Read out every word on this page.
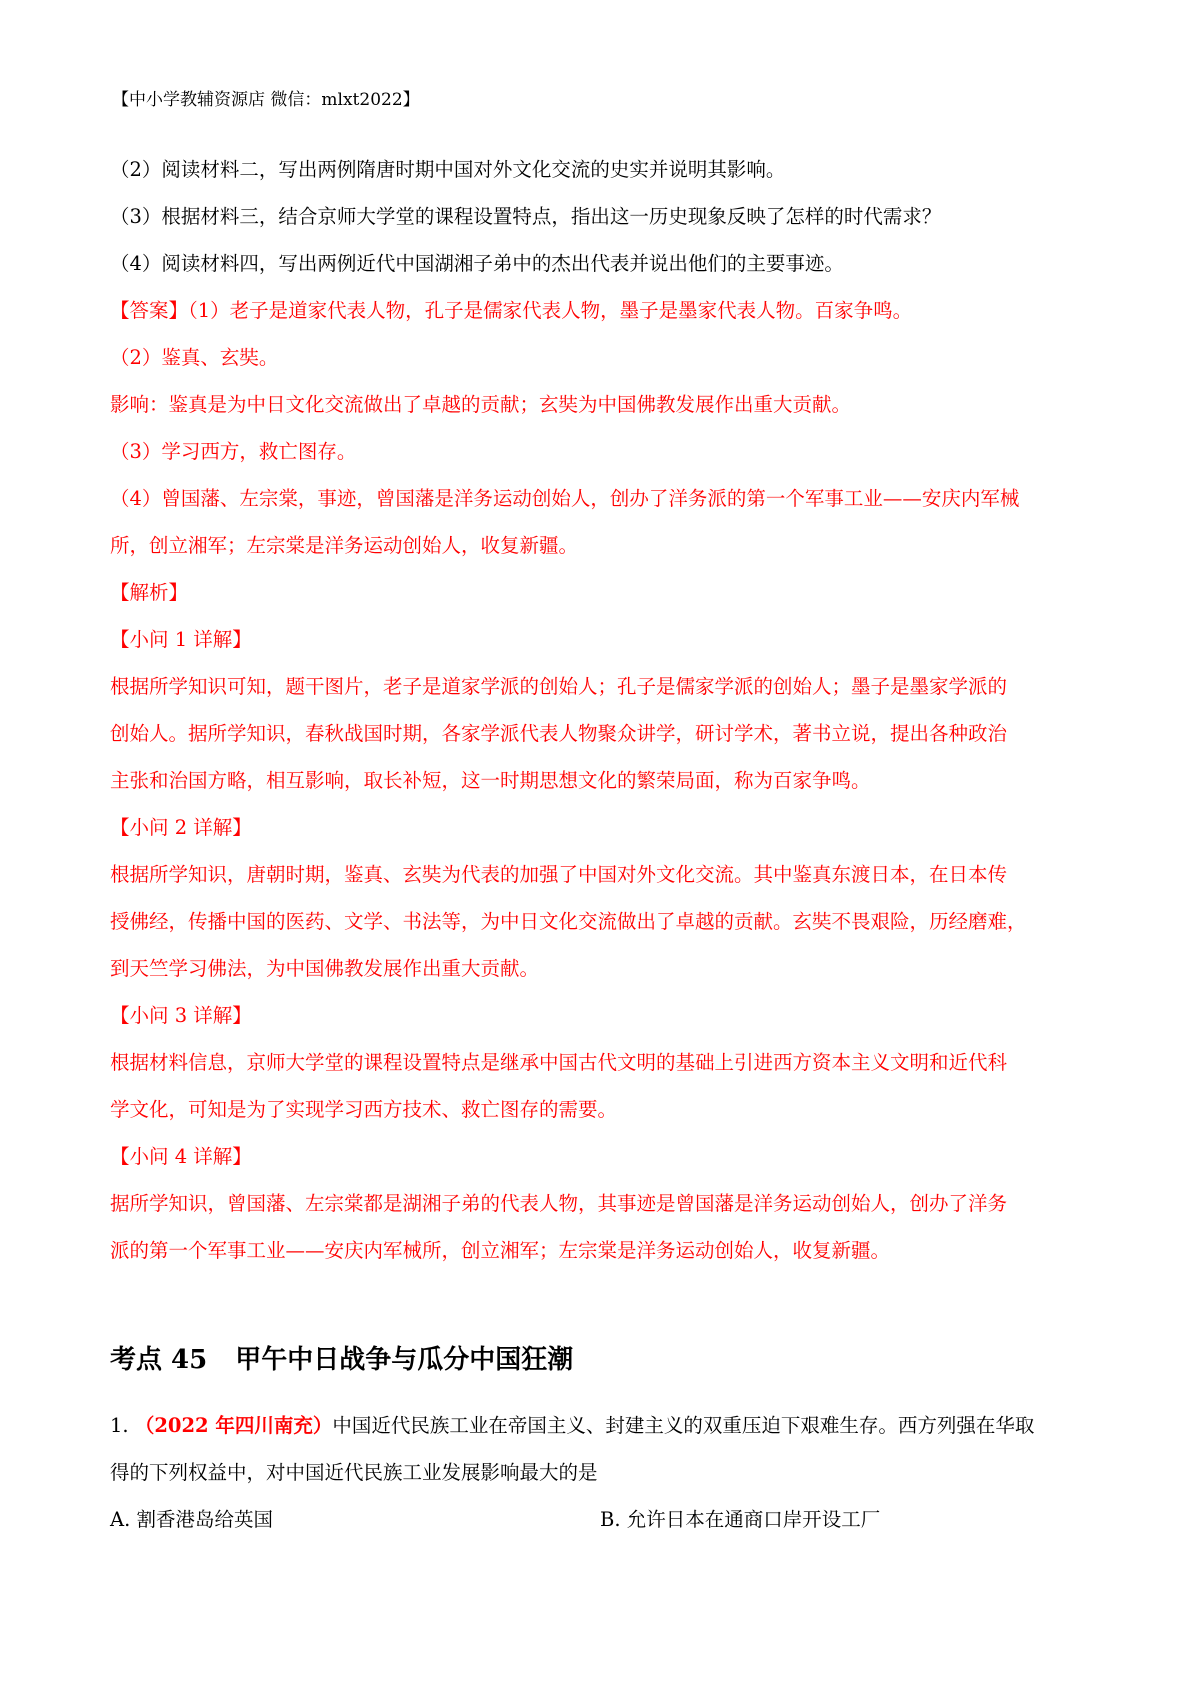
【中小学教辅资源店 微信：mlxt2022】
（2）阅读材料二，写出两例隋唐时期中国对外文化交流的史实并说明其影响。
（3）根据材料三，结合京师大学堂的课程设置特点，指出这一历史现象反映了怎样的时代需求？
（4）阅读材料四，写出两例近代中国湖湘子弟中的杰出代表并说出他们的主要事迹。
【答案】（1）老子是道家代表人物，孔子是儒家代表人物，墨子是墨家代表人物。百家争鸣。
（2）鉴真、玄奘。
影响：鉴真是为中日文化交流做出了卓越的贡献；玄奘为中国佛教发展作出重大贡献。
（3）学习西方，救亡图存。
（4）曾国藩、左宗棠，事迹，曾国藩是洋务运动创始人，创办了洋务派的第一个军事工业——安庆内军械
所，创立湘军；左宗棠是洋务运动创始人，收复新疆。
【解析】
【小问 1 详解】
根据所学知识可知，题干图片，老子是道家学派的创始人；孔子是儒家学派的创始人；墨子是墨家学派的
创始人。据所学知识，春秋战国时期，各家学派代表人物聚众讲学，研讨学术，著书立说，提出各种政治
主张和治国方略，相互影响，取长补短，这一时期思想文化的繁荣局面，称为百家争鸣。
【小问 2 详解】
根据所学知识，唐朝时期，鉴真、玄奘为代表的加强了中国对外文化交流。其中鉴真东渡日本，在日本传
授佛经，传播中国的医药、文学、书法等，为中日文化交流做出了卓越的贡献。玄奘不畏艰险，历经磨难，
到天竺学习佛法，为中国佛教发展作出重大贡献。
【小问 3 详解】
根据材料信息，京师大学堂的课程设置特点是继承中国古代文明的基础上引进西方资本主义文明和近代科
学文化，可知是为了实现学习西方技术、救亡图存的需要。
【小问 4 详解】
据所学知识，曾国藩、左宗棠都是湖湘子弟的代表人物，其事迹是曾国藩是洋务运动创始人，创办了洋务
派的第一个军事工业——安庆内军械所，创立湘军；左宗棠是洋务运动创始人，收复新疆。
考点 45 甲午中日战争与瓜分中国狂潮
1. （2022 年四川南充）中国近代民族工业在帝国主义、封建主义的双重压迫下艰难生存。西方列强在华取
得的下列权益中，对中国近代民族工业发展影响最大的是
A. 割香港岛给英国	B. 允许日本在通商口岸开设工厂
